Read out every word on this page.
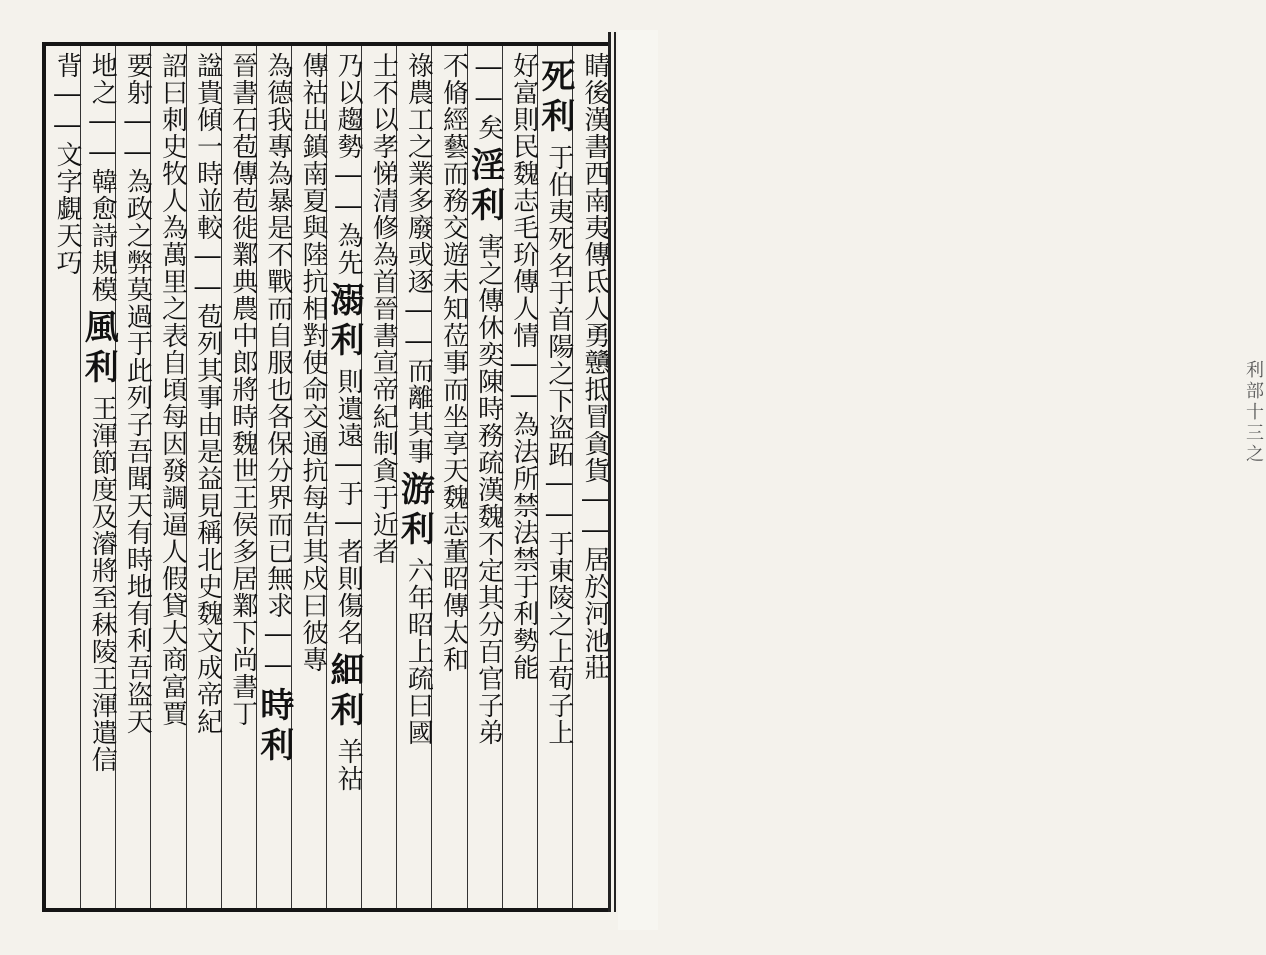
背
――
文字覷天巧 地之――韓愈詩規模
風利
王渾節度及濬將至秣陵王渾遣信 要射――為政之弊莫過于此列子吾聞天有時地有利吾盗天 詔曰刺史牧人為萬里之表自頃每因發調逼人假貸大商富賈 諡貴傾一時並較――苞列其事由是益見稱北史魏文成帝紀 晉書石苞傳苞徙鄴典農中郎將時魏世王侯多居鄴下尚書丁 為德我專為暴是不戰而自服也各保分界而已無求――
時利
傳祜出鎮南夏與陸抗相對使命交通抗每告其戍曰彼專 乃以趨勢――為先
溺利
則遺遠―于―者則傷名
細利
羊祜
士不以孝悌清修為首
晉書宣帝紀制貪于近者 祿農工之業多廢或逐――而離其事
游利
六年昭上疏曰國
不脩經藝而務交遊未知莅事而坐享天
魏志董昭傳太和
――矣
淫利
害之傳休奕陳時務疏漢魏不定其分百官子弟
好富則民
魏志毛玠傳人情――為法所禁法禁于利勢能
死利
于伯夷死名于首陽之下盗跖――于東陵之上荀子上
睛
後漢書西南夷傳氐人勇戇抵冒貪貨――居於河池莊	利部十三之
